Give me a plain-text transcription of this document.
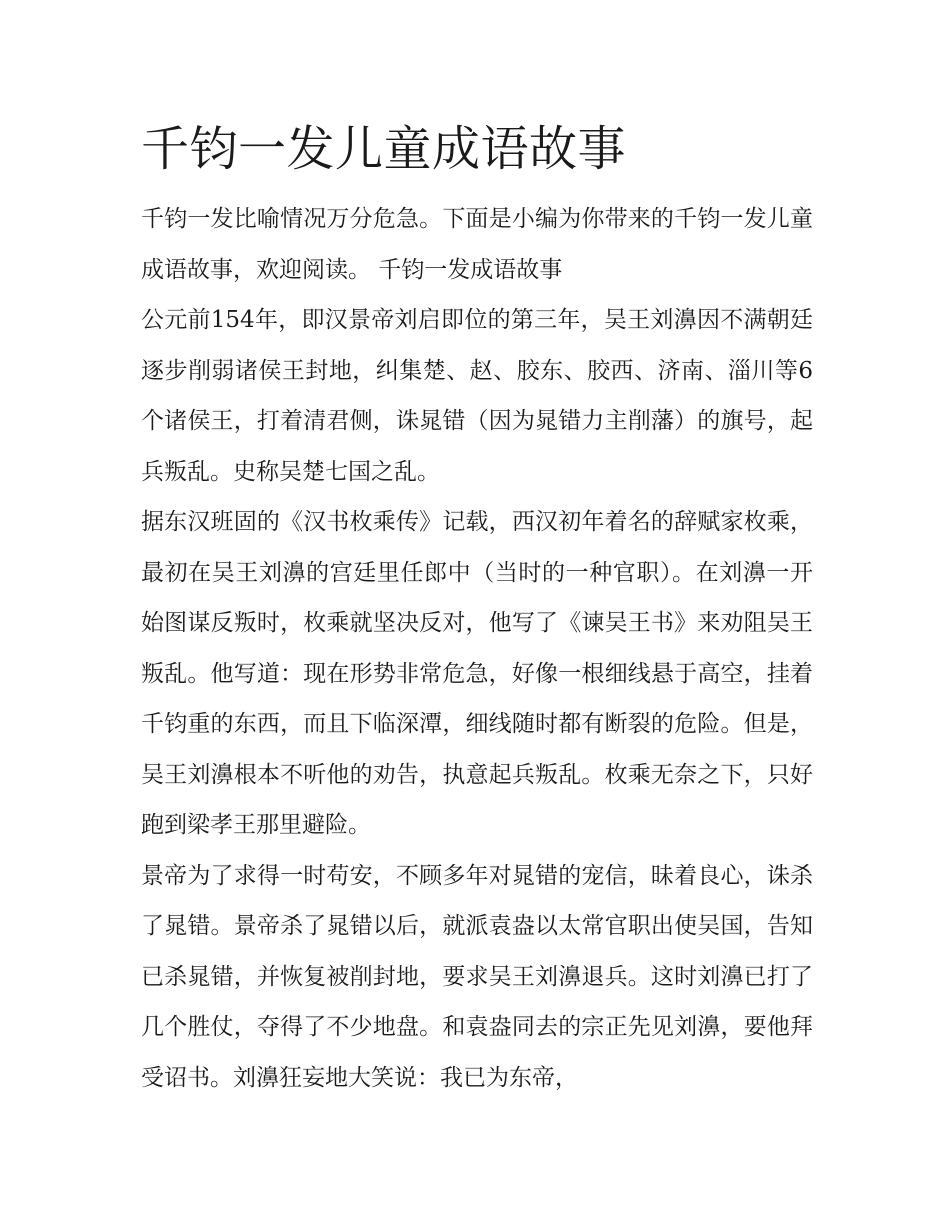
千钧一发儿童成语故事

千钧一发比喻情况万分危急。下面是小编为你带来的千钧一发儿童成语故事，欢迎阅读。 千钧一发成语故事

公元前154年，即汉景帝刘启即位的第三年，吴王刘濞因不满朝廷逐步削弱诸侯王封地，纠集楚、赵、胶东、胶西、济南、淄川等6个诸侯王，打着清君侧，诛晁错（因为晁错力主削藩）的旗号，起兵叛乱。史称吴楚七国之乱。

据东汉班固的《汉书枚乘传》记载，西汉初年着名的辞赋家枚乘，最初在吴王刘濞的宫廷里任郎中（当时的一种官职）。在刘濞一开始图谋反叛时，枚乘就坚决反对，他写了《谏吴王书》来劝阻吴王叛乱。他写道：现在形势非常危急，好像一根细线悬于高空，挂着千钧重的东西，而且下临深潭，细线随时都有断裂的危险。但是，吴王刘濞根本不听他的劝告，执意起兵叛乱。枚乘无奈之下，只好跑到梁孝王那里避险。

景帝为了求得一时苟安，不顾多年对晁错的宠信，昧着良心，诛杀了晁错。景帝杀了晁错以后，就派袁盎以太常官职出使吴国，告知已杀晁错，并恢复被削封地，要求吴王刘濞退兵。这时刘濞已打了几个胜仗，夺得了不少地盘。和袁盎同去的宗正先见刘濞，要他拜受诏书。刘濞狂妄地大笑说：我已为东帝，
